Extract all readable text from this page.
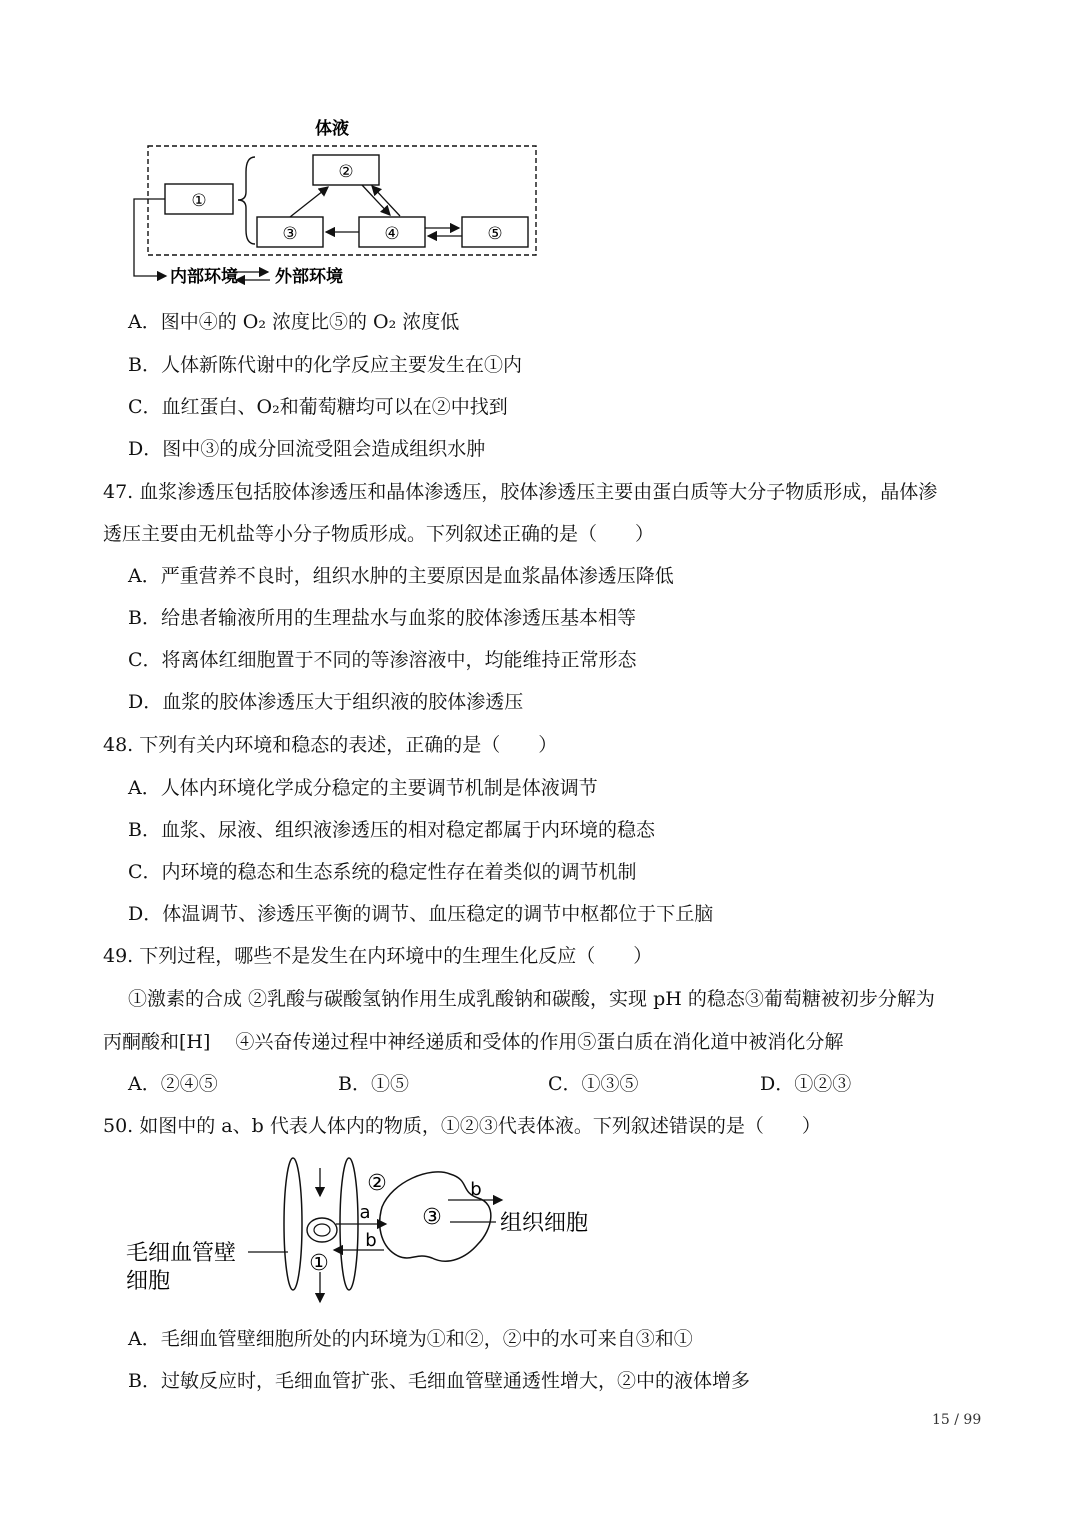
体液
①
②
③	④	⑤
内部环境 外部环境
A．图中④的 O₂ 浓度比⑤的 O₂ 浓度低
B．人体新陈代谢中的化学反应主要发生在①内
C．血红蛋白、O₂和葡萄糖均可以在②中找到
D．图中③的成分回流受阻会造成组织水肿
47. 血浆渗透压包括胶体渗透压和晶体渗透压，胶体渗透压主要由蛋白质等大分子物质形成，晶体渗
透压主要由无机盐等小分子物质形成。下列叙述正确的是（　　）
A．严重营养不良时，组织水肿的主要原因是血浆晶体渗透压降低
B．给患者输液所用的生理盐水与血浆的胶体渗透压基本相等
C．将离体红细胞置于不同的等渗溶液中，均能维持正常形态
D．血浆的胶体渗透压大于组织液的胶体渗透压
48. 下列有关内环境和稳态的表述，正确的是（　　）
A．人体内环境化学成分稳定的主要调节机制是体液调节
B．血浆、尿液、组织液渗透压的相对稳定都属于内环境的稳态
C．内环境的稳态和生态系统的稳定性存在着类似的调节机制
D．体温调节、渗透压平衡的调节、血压稳定的调节中枢都位于下丘脑
49. 下列过程，哪些不是发生在内环境中的生理生化反应（　　）
①激素的合成 ②乳酸与碳酸氢钠作用生成乳酸钠和碳酸，实现 pH 的稳态③葡萄糖被初步分解为
丙酮酸和[H]　 ④兴奋传递过程中神经递质和受体的作用⑤蛋白质在消化道中被消化分解
A．②④⑤	B．①⑤	C．①③⑤	D．①②③
50. 如图中的 a、b 代表人体内的物质，①②③代表体液。下列叙述错误的是（　　）
①
②
a
b
③
b
组织细胞
毛细血管壁
细胞
A．毛细血管壁细胞所处的内环境为①和②，②中的水可来自③和①
B．过敏反应时，毛细血管扩张、毛细血管壁通透性增大，②中的液体增多
15 / 99
